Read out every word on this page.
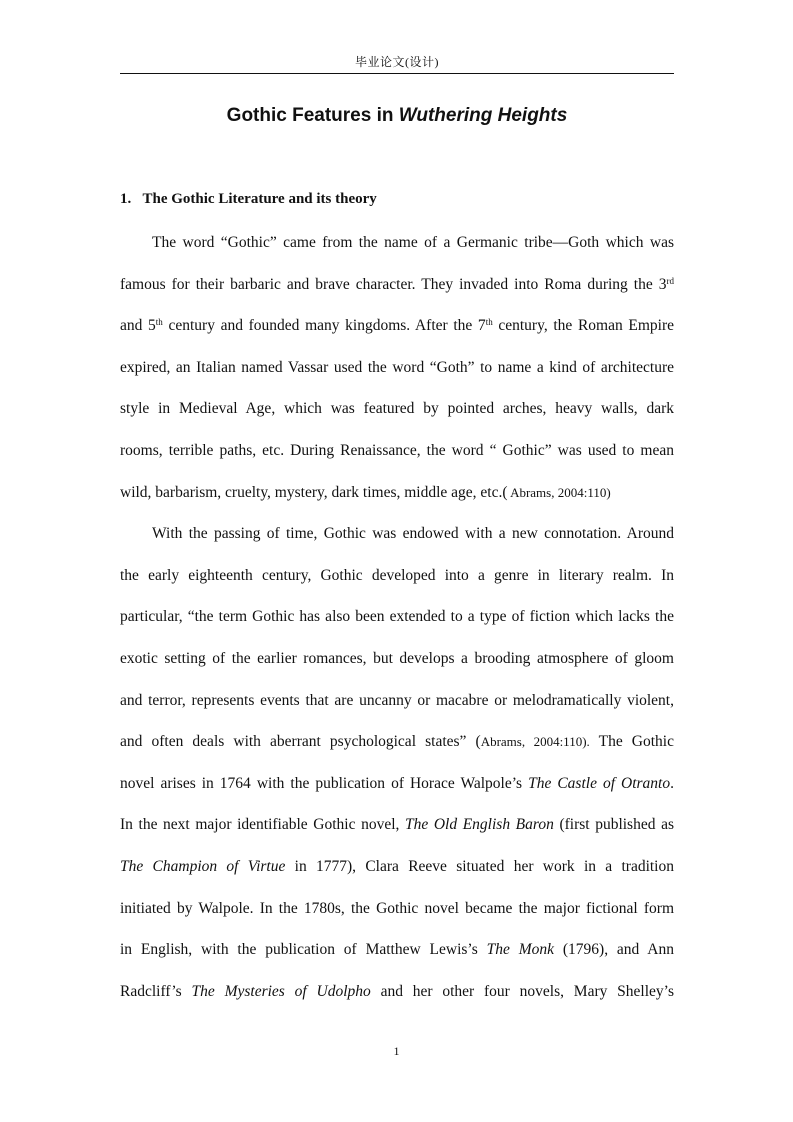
毕业论文(设计)
Gothic Features in Wuthering Heights
1. The Gothic Literature and its theory
The word “Gothic” came from the name of a Germanic tribe—Goth which was
famous for their barbaric and brave character. They invaded into Roma during the 3rd
and 5th century and founded many kingdoms. After the 7th century, the Roman Empire
expired, an Italian named Vassar used the word “Goth” to name a kind of architecture
style in Medieval Age, which was featured by pointed arches, heavy walls, dark
rooms, terrible paths, etc. During Renaissance, the word “ Gothic” was used to mean
wild, barbarism, cruelty, mystery, dark times, middle age, etc.( Abrams, 2004:110)
With the passing of time, Gothic was endowed with a new connotation. Around
the early eighteenth century, Gothic developed into a genre in literary realm. In
particular, “the term Gothic has also been extended to a type of fiction which lacks the
exotic setting of the earlier romances, but develops a brooding atmosphere of gloom
and terror, represents events that are uncanny or macabre or melodramatically violent,
and often deals with aberrant psychological states” (Abrams, 2004:110). The Gothic
novel arises in 1764 with the publication of Horace Walpole’s The Castle of Otranto.
In the next major identifiable Gothic novel, The Old English Baron (first published as
The Champion of Virtue in 1777), Clara Reeve situated her work in a tradition
initiated by Walpole. In the 1780s, the Gothic novel became the major fictional form
in English, with the publication of Matthew Lewis’s The Monk (1796), and Ann
Radcliff’s The Mysteries of Udolpho and her other four novels, Mary Shelley’s
1
